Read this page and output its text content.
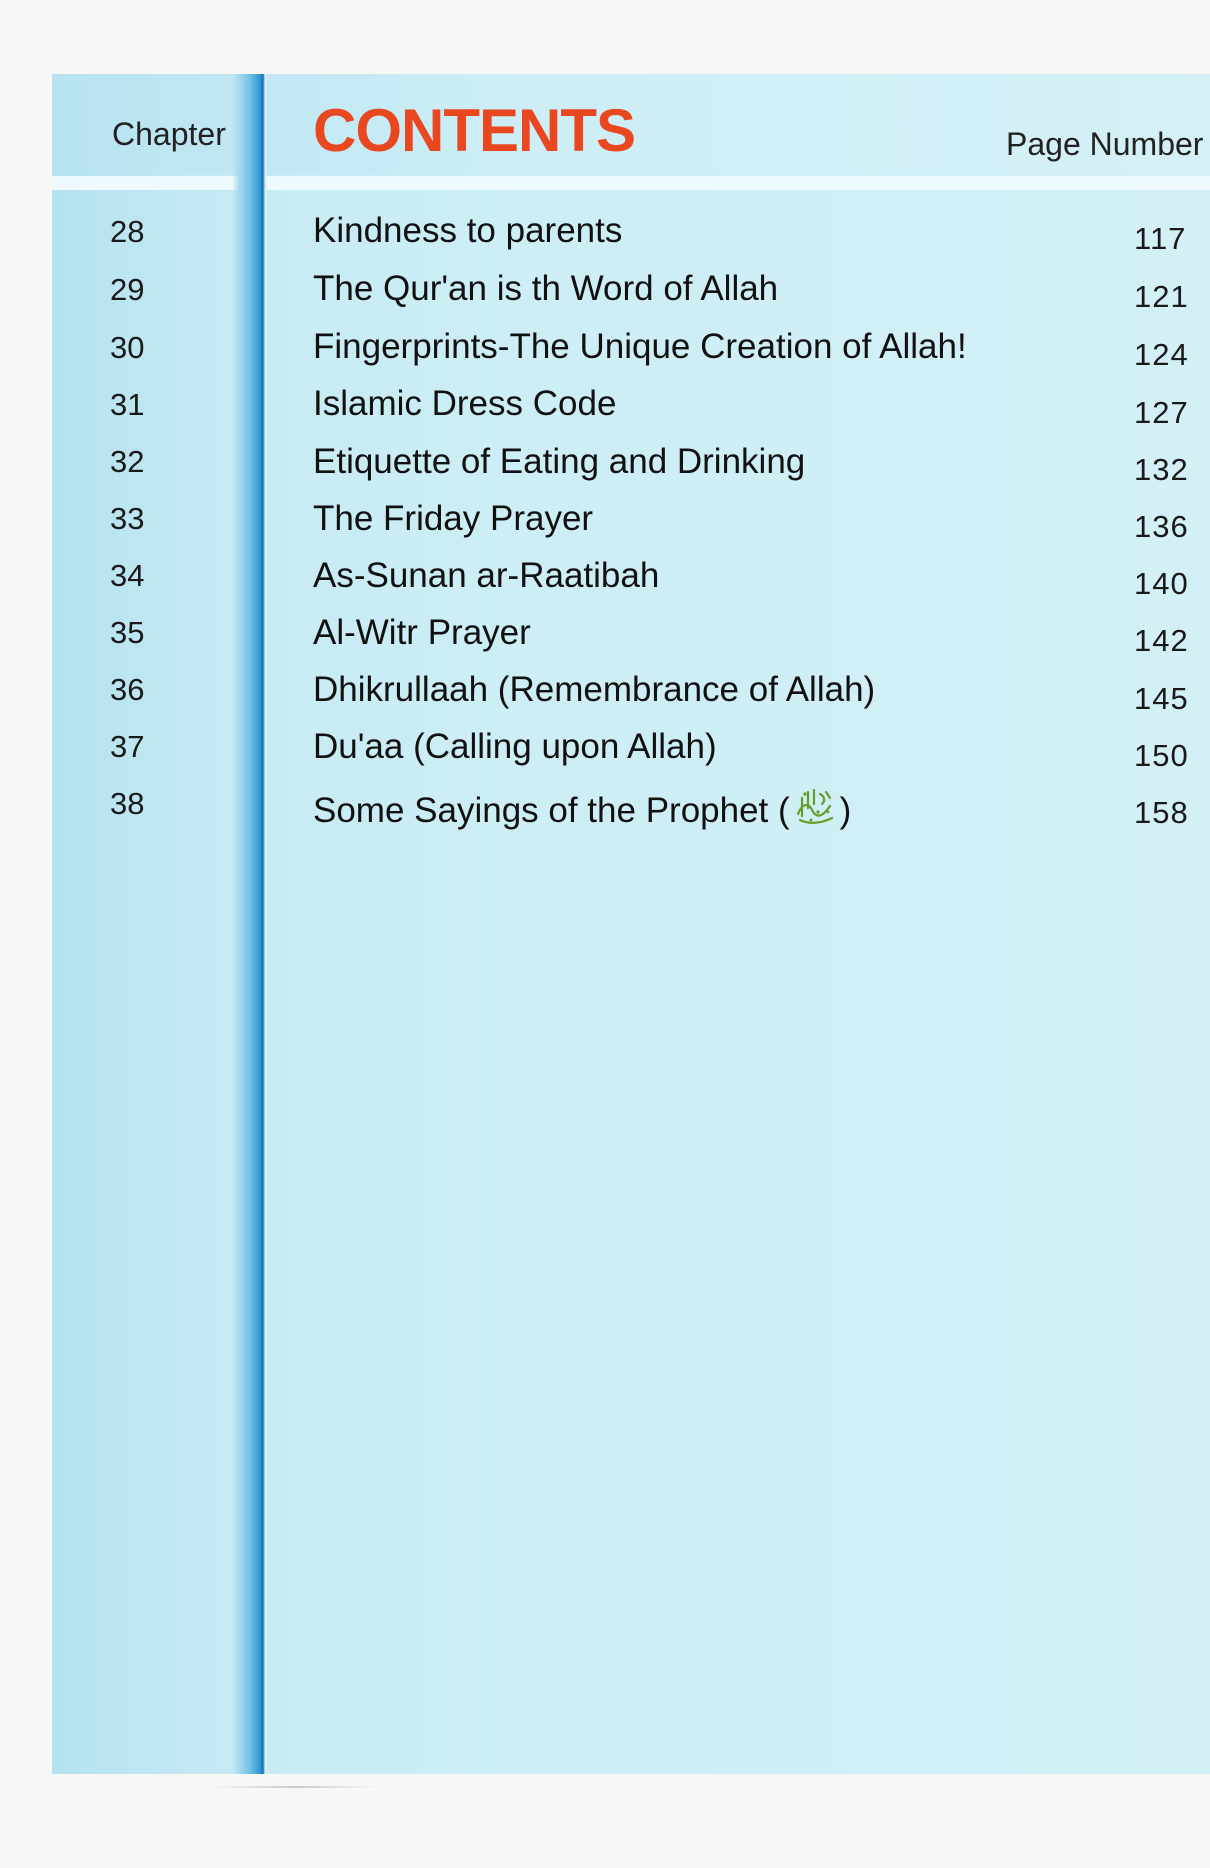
Chapter CONTENTS	Page Number
28	Kindness to parents	117
29	The Qur'an is th Word of Allah	121
30	Fingerprints-The Unique Creation of Allah!	124
31	Islamic Dress Code	127
32	Etiquette of Eating and Drinking	132
33	The Friday Prayer	136
34	As-Sunan ar-Raatibah	140
35	Al-Witr Prayer	142
36	Dhikrullaah (Remembrance of Allah)	145
37	Du'aa (Calling upon Allah)	150
38	Some Sayings of the Prophet ( )	158
